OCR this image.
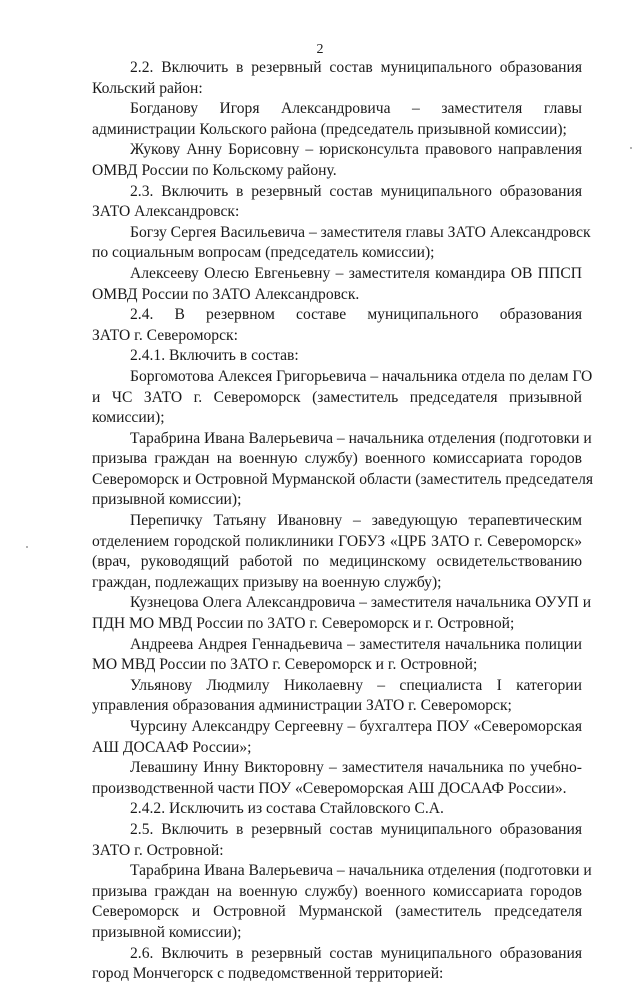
2
2.2. Включить в резервный состав муниципального образования
Кольский район:
Богданову Игоря Александровича – заместителя главы
администрации Кольского района (председатель призывной комиссии);
Жукову Анну Борисовну – юрисконсульта правового направления
ОМВД России по Кольскому району.
2.3. Включить в резервный состав муниципального образования
ЗАТО Александровск:
Богзу Сергея Васильевича – заместителя главы ЗАТО Александровск
по социальным вопросам (председатель комиссии);
Алексееву Олесю Евгеньевну – заместителя командира ОВ ППСП
ОМВД России по ЗАТО Александровск.
2.4. В резервном составе муниципального образования
ЗАТО г. Североморск:
2.4.1. Включить в состав:
Боргомотова Алексея Григорьевича – начальника отдела по делам ГО
и ЧС ЗАТО г. Североморск (заместитель председателя призывной
комиссии);
Тарабрина Ивана Валерьевича – начальника отделения (подготовки и
призыва граждан на военную службу) военного комиссариата городов
Североморск и Островной Мурманской области (заместитель председателя
призывной комиссии);
Перепичку Татьяну Ивановну – заведующую терапевтическим
отделением городской поликлиники ГОБУЗ «ЦРБ ЗАТО г. Североморск»
(врач, руководящий работой по медицинскому освидетельствованию
граждан, подлежащих призыву на военную службу);
Кузнецова Олега Александровича – заместителя начальника ОУУП и
ПДН МО МВД России по ЗАТО г. Североморск и г. Островной;
Андреева Андрея Геннадьевича – заместителя начальника полиции
МО МВД России по ЗАТО г. Североморск и г. Островной;
Ульянову Людмилу Николаевну – специалиста I категории
управления образования администрации ЗАТО г. Североморск;
Чурсину Александру Сергеевну – бухгалтера ПОУ «Североморская
АШ ДОСААФ России»;
Левашину Инну Викторовну – заместителя начальника по учебно-
производственной части ПОУ «Североморская АШ ДОСААФ России».
2.4.2. Исключить из состава Стайловского С.А.
2.5. Включить в резервный состав муниципального образования
ЗАТО г. Островной:
Тарабрина Ивана Валерьевича – начальника отделения (подготовки и
призыва граждан на военную службу) военного комиссариата городов
Североморск и Островной Мурманской (заместитель председателя
призывной комиссии);
2.6. Включить в резервный состав муниципального образования
город Мончегорск с подведомственной территорией:
